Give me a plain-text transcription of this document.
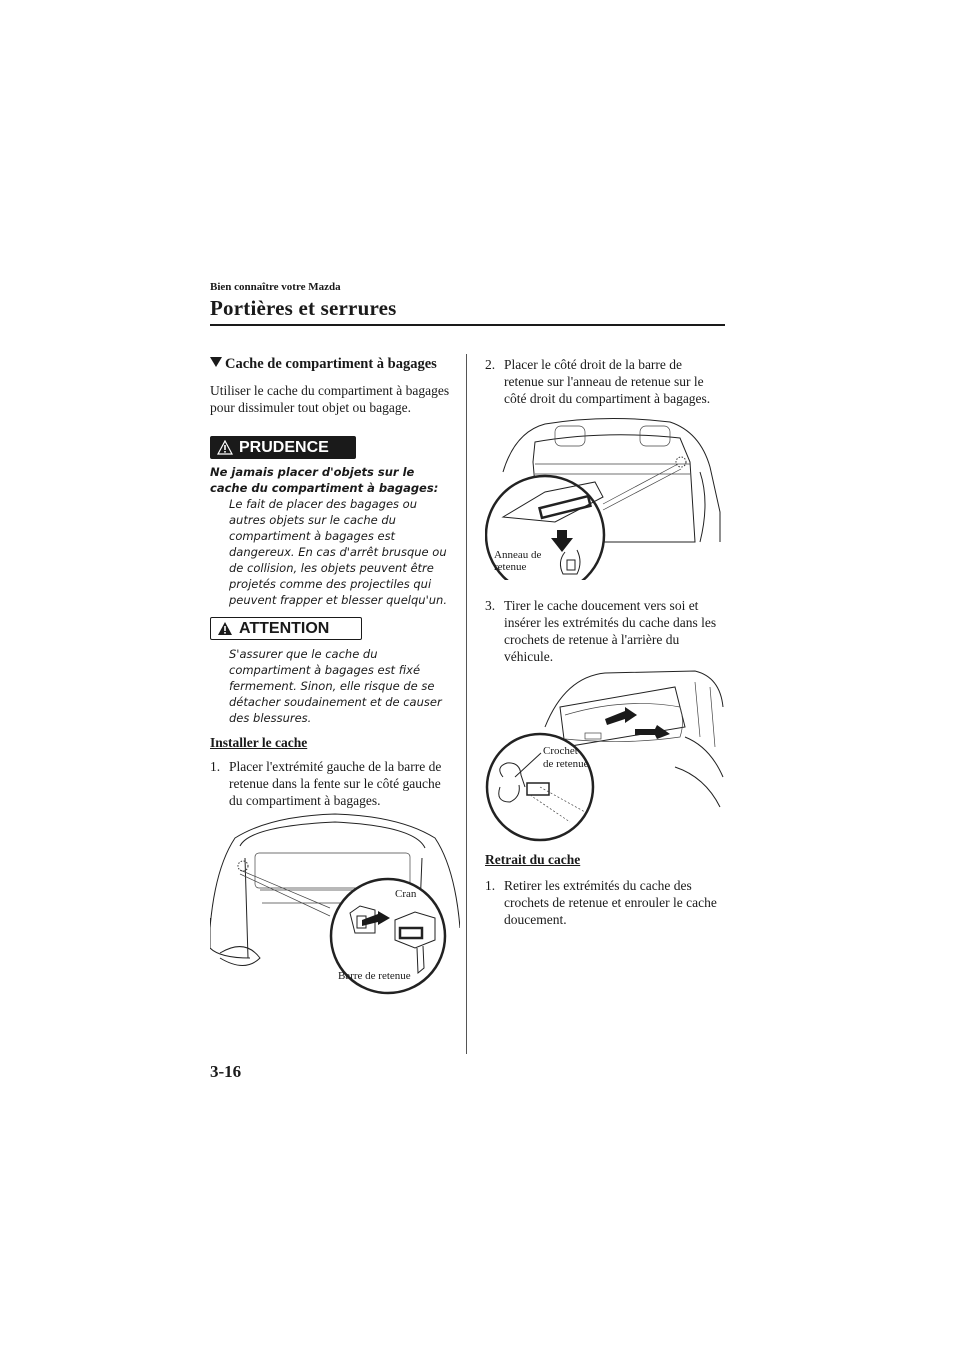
Bien connaître votre Mazda
Portières et serrures
Cache de compartiment à bagages
Utiliser le cache du compartiment à bagages pour dissimuler tout objet ou bagage.
PRUDENCE
Ne jamais placer d'objets sur le cache du compartiment à bagages:
Le fait de placer des bagages ou autres objets sur le cache du compartiment à bagages est dangereux. En cas d'arrêt brusque ou de collision, les objets peuvent être projetés comme des projectiles qui peuvent frapper et blesser quelqu'un.
ATTENTION
S'assurer que le cache du compartiment à bagages est fixé fermement. Sinon, elle risque de se détacher soudainement et de causer des blessures.
Installer le cache
1. Placer l'extrémité gauche de la barre de retenue dans la fente sur le côté gauche du compartiment à bagages.
Cran
Barre de retenue
2. Placer le côté droit de la barre de retenue sur l'anneau de retenue sur le côté droit du compartiment à bagages.
Anneau de
retenue
3. Tirer le cache doucement vers soi et insérer les extrémités du cache dans les crochets de retenue à l'arrière du véhicule.
Crochet
de retenue
Retrait du cache
1. Retirer les extrémités du cache des crochets de retenue et enrouler le cache doucement.
3-16
